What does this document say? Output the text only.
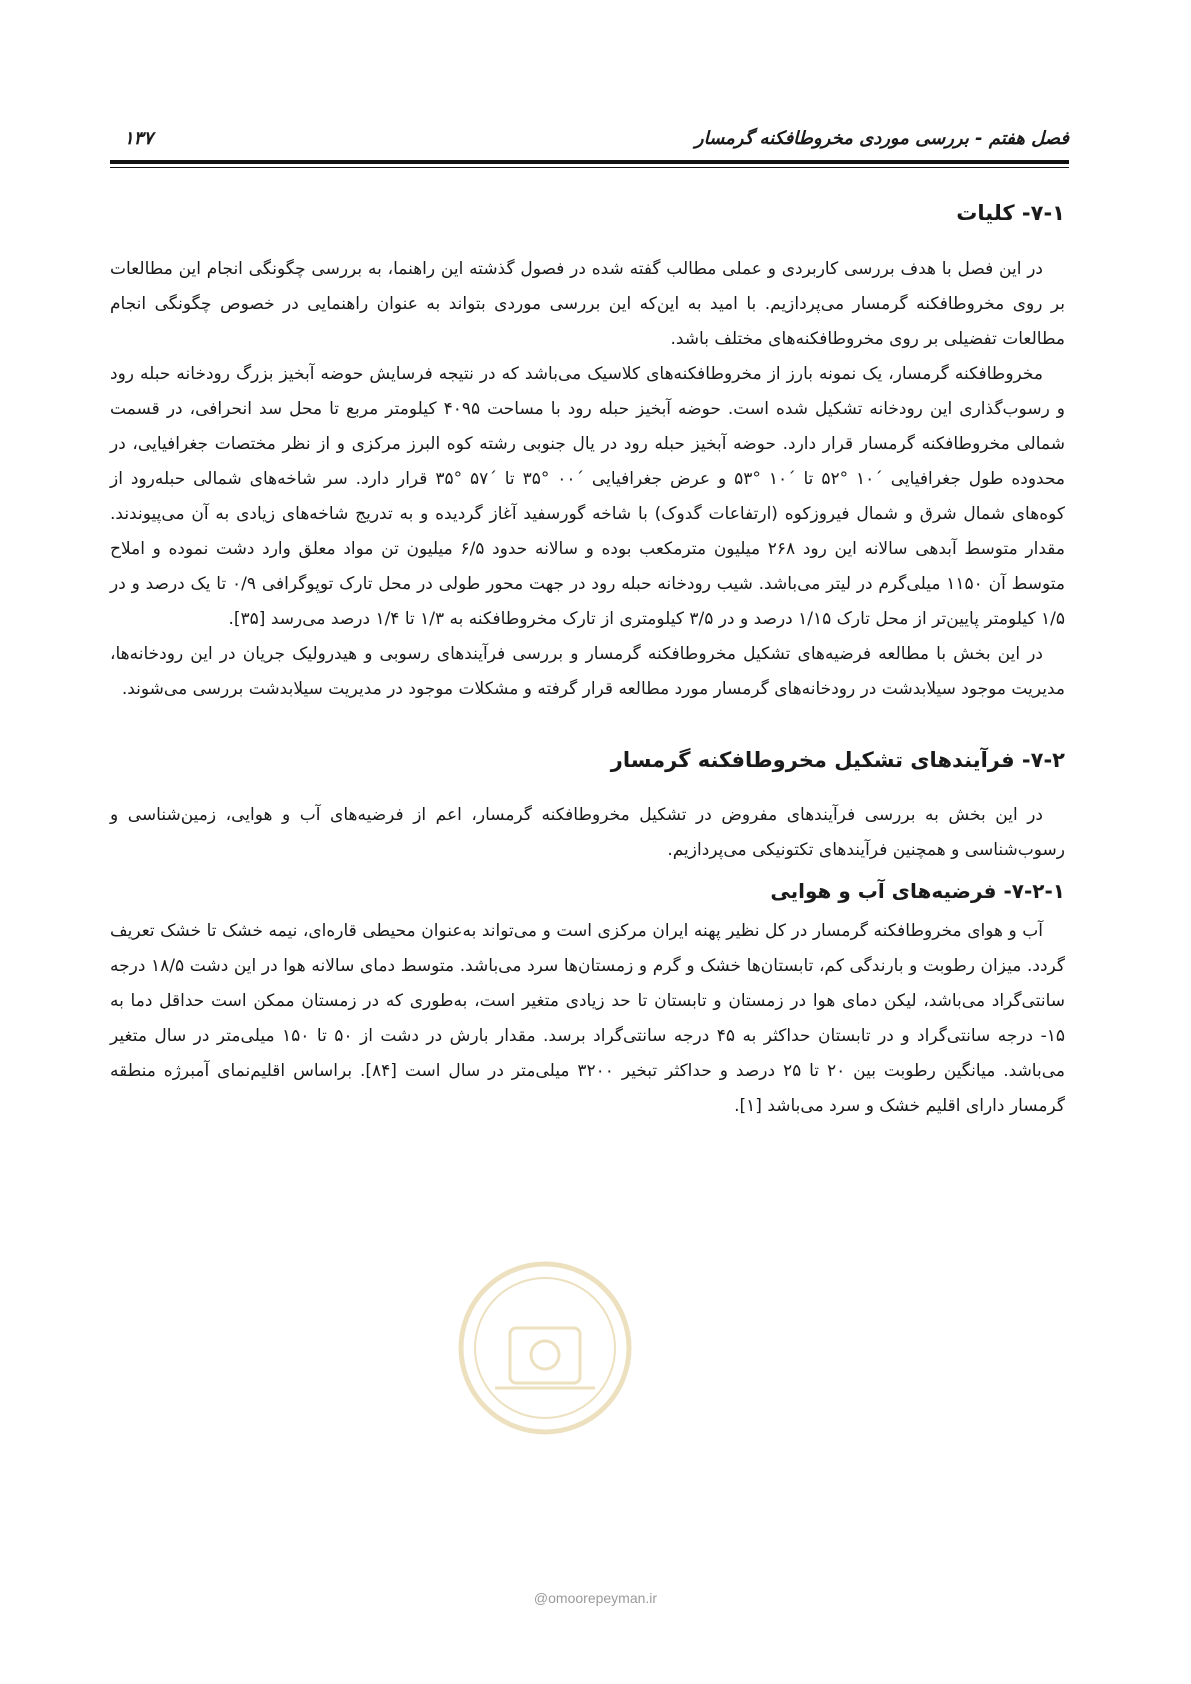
فصل هفتم - بررسی موردی مخروطافکنه گرمسار
۱۳۷
۷-۱- کلیات

در این فصل با هدف بررسی کاربردی و عملی مطالب گفته شده در فصول گذشته این راهنما، به بررسی چگونگی انجام این مطالعات بر روی مخروطافکنه گرمسار می‌پردازیم. با امید به این‌که این بررسی موردی بتواند به عنوان راهنمایی در خصوص چگونگی انجام مطالعات تفضیلی بر روی مخروطافکنه‌های مختلف باشد.

مخروطافکنه گرمسار، یک نمونه بارز از مخروطافکنه‌های کلاسیک می‌باشد که در نتیجه فرسایش حوضه آبخیز بزرگ رودخانه حبله رود و رسوب‌گذاری این رودخانه تشکیل شده است. حوضه آبخیز حبله رود با مساحت ۴۰۹۵ کیلومتر مربع تا محل سد انحرافی، در قسمت شمالی مخروطافکنه گرمسار قرار دارد. حوضه آبخیز حبله رود در یال جنوبی رشته کوه البرز مرکزی و از نظر مختصات جغرافیایی، در محدوده طول جغرافیایی ´۱۰ °۵۲ تا ´۱۰ °۵۳ و عرض جغرافیایی ´۰۰ °۳۵ تا ´۵۷ °۳۵ قرار دارد. سر شاخه‌های شمالی حبله‌رود از کوه‌های شمال شرق و شمال فیروزکوه (ارتفاعات گدوک) با شاخه گورسفید آغاز گردیده و به تدریج شاخه‌های زیادی به آن می‌پیوندند. مقدار متوسط آبدهی سالانه این رود ۲۶۸ میلیون مترمکعب بوده و سالانه حدود ۶/۵ میلیون تن مواد معلق وارد دشت نموده و املاح متوسط آن ۱۱۵۰ میلی‌گرم در لیتر می‌باشد. شیب رودخانه حبله رود در جهت محور طولی در محل تارک توپوگرافی ۰/۹ تا یک درصد و در ۱/۵ کیلومتر پایین‌تر از محل تارک ۱/۱۵ درصد و در ۳/۵ کیلومتری از تارک مخروطافکنه به ۱/۳ تا ۱/۴ درصد می‌رسد [۳۵].

در این بخش با مطالعه فرضیه‌های تشکیل مخروطافکنه گرمسار و بررسی فرآیندهای رسوبی و هیدرولیک جریان در این رودخانه‌ها، مدیریت موجود سیلابدشت در رودخانه‌های گرمسار مورد مطالعه قرار گرفته و مشکلات موجود در مدیریت سیلابدشت بررسی می‌شوند.

۷-۲- فرآیندهای تشکیل مخروطافکنه گرمسار

در این بخش به بررسی فرآیندهای مفروض در تشکیل مخروطافکنه گرمسار، اعم از فرضیه‌های آب و هوایی، زمین‌شناسی و رسوب‌شناسی و همچنین فرآیندهای تکتونیکی می‌پردازیم.

۷-۲-۱- فرضیه‌های آب و هوایی

آب و هوای مخروطافکنه گرمسار در کل نظیر پهنه ایران مرکزی است و می‌تواند به‌عنوان محیطی قاره‌ای، نیمه خشک تا خشک تعریف گردد. میزان رطوبت و بارندگی کم، تابستان‌ها خشک و گرم و زمستان‌ها سرد می‌باشد. متوسط دمای سالانه هوا در این دشت ۱۸/۵ درجه سانتی‌گراد می‌باشد، لیکن دمای هوا در زمستان و تابستان تا حد زیادی متغیر است، به‌طوری که در زمستان ممکن است حداقل دما به ۱۵- درجه سانتی‌گراد و در تابستان حداکثر به ۴۵ درجه سانتی‌گراد برسد. مقدار بارش در دشت از ۵۰ تا ۱۵۰ میلی‌متر در سال متغیر می‌باشد. میانگین رطوبت بین ۲۰ تا ۲۵ درصد و حداکثر تبخیر ۳۲۰۰ میلی‌متر در سال است [۸۴]. براساس اقلیم‌نمای آمبرژه منطقه گرمسار دارای اقلیم خشک و سرد می‌باشد [۱].

@omoorepeyman.ir
